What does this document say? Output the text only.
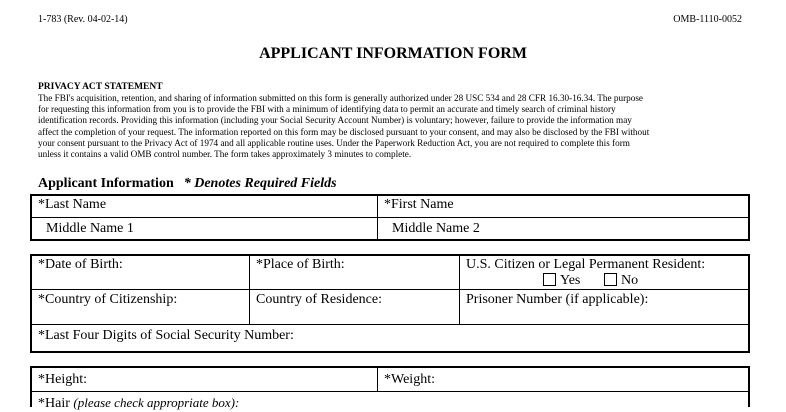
1-783 (Rev. 04-02-14)	OMB-1110-0052
APPLICANT INFORMATION FORM
PRIVACY ACT STATEMENT
The FBI's acquisition, retention, and sharing of information submitted on this form is generally authorized under 28 USC 534 and 28 CFR 16.30-16.34. The purpose
for requesting this information from you is to provide the FBI with a minimum of identifying data to permit an accurate and timely search of criminal history
identification records. Providing this information (including your Social Security Account Number) is voluntary; however, failure to provide the information may
affect the completion of your request. The information reported on this form may be disclosed pursuant to your consent, and may also be disclosed by the FBI without
your consent pursuant to the Privacy Act of 1974 and all applicable routine uses. Under the Paperwork Reduction Act, you are not required to complete this form
unless it contains a valid OMB control number. The form takes approximately 3 minutes to complete.
Applicant Information * Denotes Required Fields
*Last Name	*First Name
Middle Name 1	Middle Name 2
*Date of Birth:	*Place of Birth:	U.S. Citizen or Legal Permanent Resident:
Yes	No
*Country of Citizenship:	Country of Residence:	Prisoner Number (if applicable):
*Last Four Digits of Social Security Number:
*Height:	*Weight:
*Hair (please check appropriate box):
